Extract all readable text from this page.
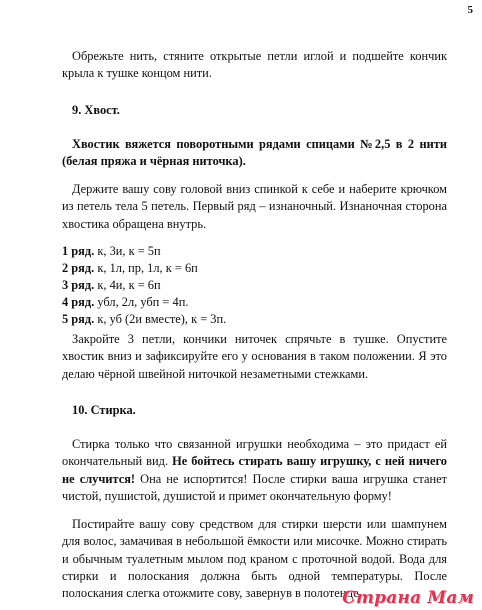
5

Обрежьте нить, стяните открытые петли иглой и подшейте кончик крыла к тушке концом нити.

9. Хвост.

Хвостик вяжется поворотными рядами спицами №2,5 в 2 нити (белая пряжа и чёрная ниточка).

Держите вашу сову головой вниз спинкой к себе и наберите крючком из петель тела 5 петель. Первый ряд – изнаночный. Изнаночная сторона хвостика обращена внутрь.

1 ряд. к, 3и, к = 5п
2 ряд. к, 1л, пр, 1л, к = 6п
3 ряд. к, 4и, к = 6п
4 ряд. убл, 2л, убп = 4п.
5 ряд. к, уб (2и вместе), к = 3п.

Закройте 3 петли, кончики ниточек спрячьте в тушке. Опустите хвостик вниз и зафиксируйте его у основания в таком положении. Я это делаю чёрной швейной ниточкой незаметными стежками.

10. Стирка.

Стирка только что связанной игрушки необходима – это придаст ей окончательный вид. Не бойтесь стирать вашу игрушку, с ней ничего не случится! Она не испортится! После стирки ваша игрушка станет чистой, пушистой, душистой и примет окончательную форму!

Постирайте вашу сову средством для стирки шерсти или шампунем для волос, замачивая в небольшой ёмкости или мисочке. Можно стирать и обычным туалетным мылом под краном с проточной водой. Вода для стирки и полоскания должна быть одной температуры. После полоскания слегка отожмите сову, завернув в полотенце.

Страна Мам
